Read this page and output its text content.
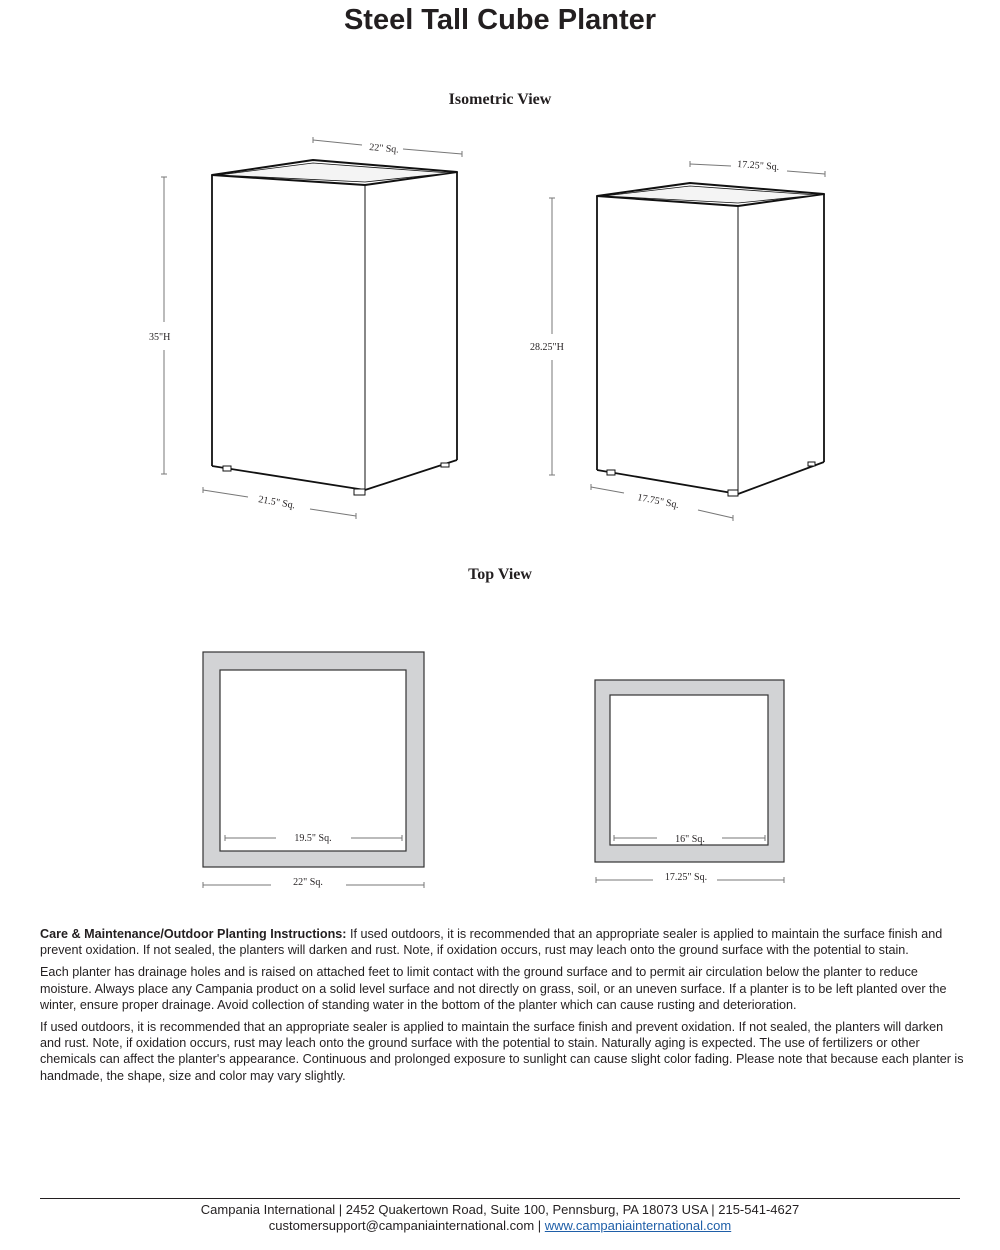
Steel Tall Cube Planter
Isometric View
Top View
22" Sq.
35"H
21.5" Sq.
17.25" Sq.
28.25"H
17.75" Sq.
19.5" Sq.
22" Sq.
16" Sq.
17.25" Sq.

Care & Maintenance/Outdoor Planting Instructions: If used outdoors, it is recommended that an appropriate sealer is applied to maintain the surface finish and prevent oxidation. If not sealed, the planters will darken and rust. Note, if oxidation occurs, rust may leach onto the ground surface with the potential to stain.

Each planter has drainage holes and is raised on attached feet to limit contact with the ground surface and to permit air circulation below the planter to reduce moisture. Always place any Campania product on a solid level surface and not directly on grass, soil, or an uneven surface. If a planter is to be left planted over the winter, ensure proper drainage. Avoid collection of standing water in the bottom of the planter which can cause rusting and deterioration.

If used outdoors, it is recommended that an appropriate sealer is applied to maintain the surface finish and prevent oxidation. If not sealed, the planters will darken and rust. Note, if oxidation occurs, rust may leach onto the ground surface with the potential to stain. Naturally aging is expected. The use of fertilizers or other chemicals can affect the planter's appearance. Continuous and prolonged exposure to sunlight can cause slight color fading. Please note that because each planter is handmade, the shape, size and color may vary slightly.

Campania International | 2452 Quakertown Road, Suite 100, Pennsburg, PA 18073 USA | 215-541-4627
customersupport@campaniainternational.com | www.campaniainternational.com
